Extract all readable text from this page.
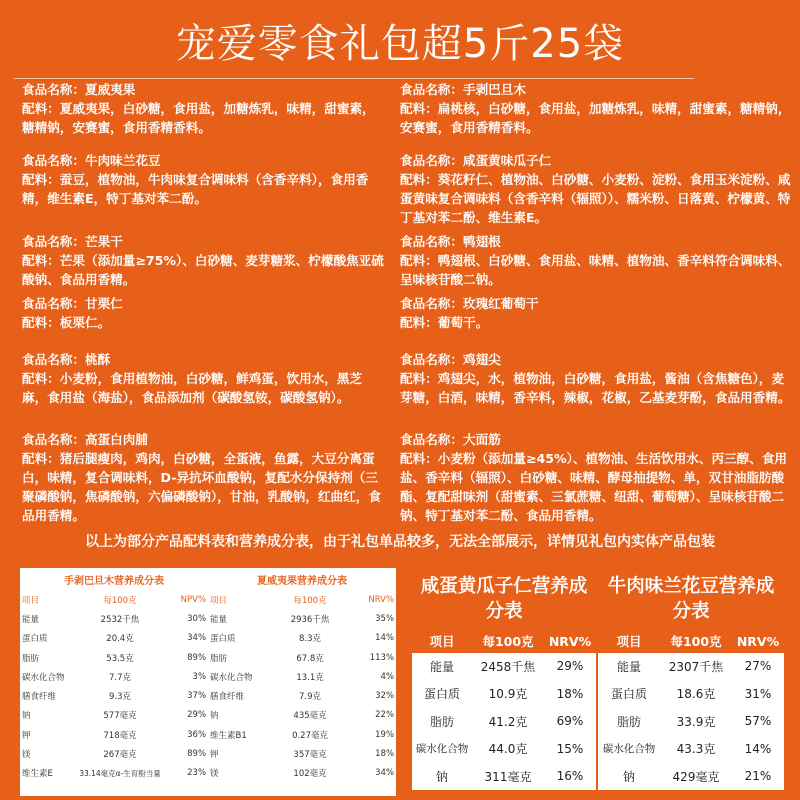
宠爱零食礼包超5斤25袋
食品名称：夏威夷果
配料：夏威夷果，白砂糖，食用盐，加糖炼乳，味精，甜蜜素，糖精钠，安赛蜜，食用香精香料。
食品名称：牛肉味兰花豆
配料：蚕豆，植物油，牛肉味复合调味料（含香辛料），食用香精，维生素E，特丁基对苯二酚。
食品名称：芒果干
配料：芒果（添加量≥75%）、白砂糖、麦芽糖浆、柠檬酸焦亚硫酸钠、食品用香精。
食品名称：甘栗仁
配料：板栗仁。
食品名称：桃酥
配料：小麦粉，食用植物油，白砂糖，鲜鸡蛋，饮用水，黑芝麻，食用盐（海盐），食品添加剂（碳酸氢铵，碳酸氢钠）。
食品名称：高蛋白肉脯
配料：猪后腿瘦肉，鸡肉，白砂糖，全蛋液，鱼露，大豆分离蛋白，味精，复合调味料，D-异抗坏血酸钠，复配水分保持剂（三聚磷酸钠，焦磷酸钠，六偏磷酸钠），甘油，乳酸钠，红曲红，食品用香精。
食品名称：手剥巴旦木
配料：扁桃核，白砂糖，食用盐，加糖炼乳，味精，甜蜜素，糖精钠，安赛蜜，食用香精香料。
食品名称：咸蛋黄味瓜子仁
配料：葵花籽仁、植物油、白砂糖、小麦粉、淀粉、食用玉米淀粉、咸蛋黄味复合调味料（含香辛料（辐照））、糯米粉、日落黄、柠檬黄、特丁基对苯二酚、维生素E。
食品名称：鸭翅根
配料：鸭翅根、白砂糖、食用盐、味精、植物油、香辛料符合调味料、呈味核苷酸二钠。
食品名称：玫瑰红葡萄干
配料：葡萄干。
食品名称：鸡翅尖
配料：鸡翅尖，水，植物油，白砂糖，食用盐，酱油（含焦糖色），麦芽糖，白酒，味精，香辛料，辣椒，花椒，乙基麦芽酚，食品用香精。
食品名称：大面筋
配料：小麦粉（添加量≥45%）、植物油、生活饮用水、丙三醇、食用盐、香辛料（辐照）、白砂糖、味精、酵母抽提物、单，双甘油脂肪酸酯、复配甜味剂（甜蜜素、三氯蔗糖、纽甜、葡萄糖）、呈味核苷酸二钠、特丁基对苯二酚、食品用香精。
以上为部分产品配料表和营养成分表，由于礼包单品较多，无法全部展示，详情见礼包内实体产品包装
手剥巴旦木营养成分表		
项目	每100克	NPV%
能量	2532千焦	30%
蛋白质	20.4克	34%
脂肪	53.5克	89%
碳水化合物	7.7克	3%
膳食纤维	9.3克	37%
钠	577毫克	29%
钾	718毫克	36%
镁	267毫克	89%
维生素E	33.14毫克α-生育酚当量	23%
夏威夷果营养成分表		
项目	每100克	NRV%
能量	2936千焦	35%
蛋白质	8.3克	14%
脂肪	67.8克	113%
碳水化合物	13.1克	4%
膳食纤维	7.9克	32%
钠	435毫克	22%
维生素B1	0.27毫克	19%
钾	357毫克	18%
镁	102毫克	34%
咸蛋黄瓜子仁营养成分表		
项目	每100克	NRV%
能量	2458千焦	29%
蛋白质	10.9克	18%
脂肪	41.2克	69%
碳水化合物	44.0克	15%
钠	311毫克	16%
牛肉味兰花豆营养成分表		
项目	每100克	NRV%
能量	2307千焦	27%
蛋白质	18.6克	31%
脂肪	33.9克	57%
碳水化合物	43.3克	14%
钠	429毫克	21%
